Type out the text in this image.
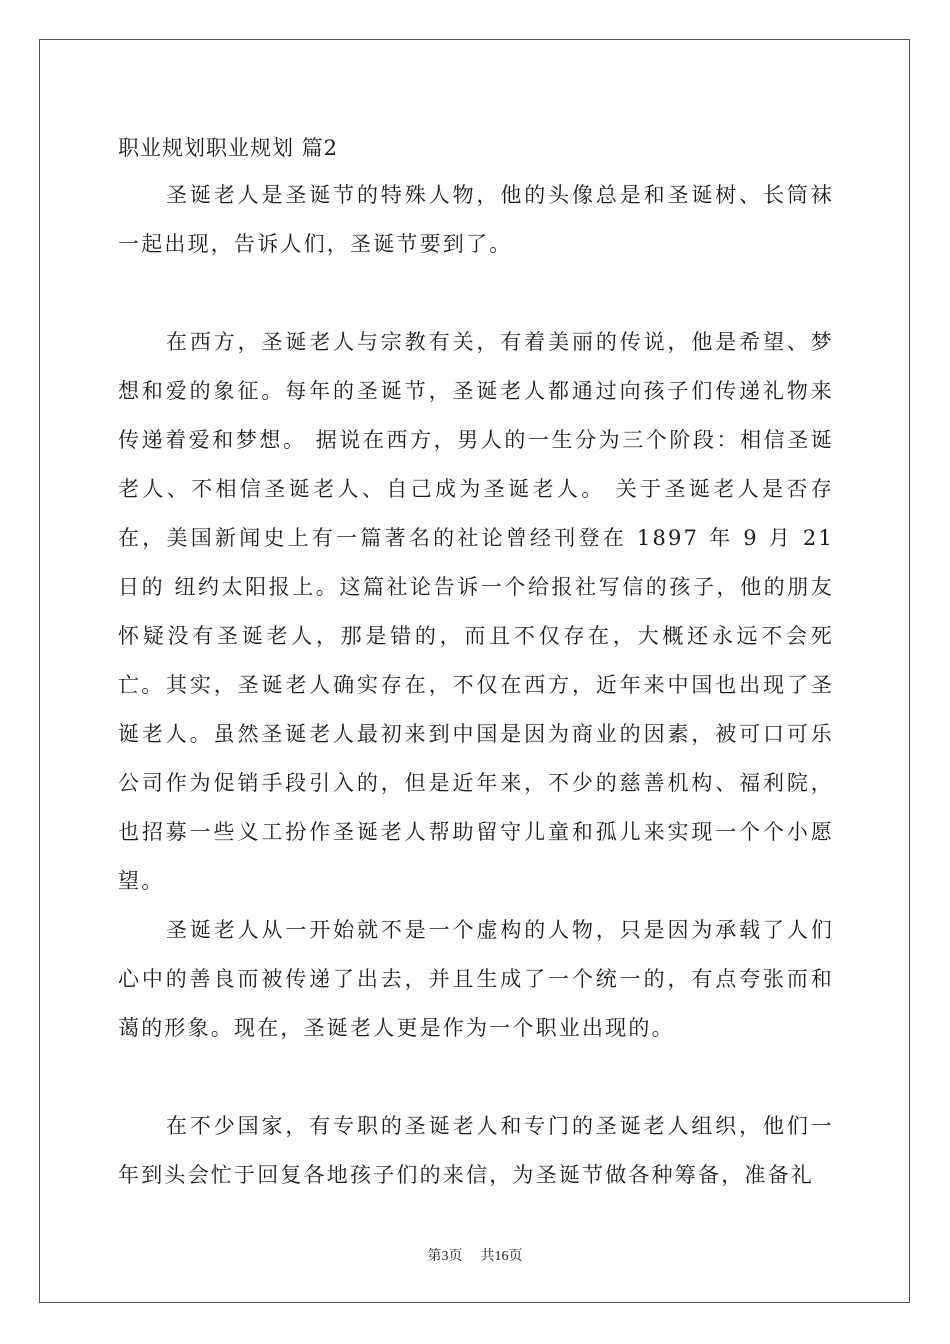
职业规划职业规划 篇2

圣诞老人是圣诞节的特殊人物，他的头像总是和圣诞树、长筒袜一起出现，告诉人们，圣诞节要到了。

在西方，圣诞老人与宗教有关，有着美丽的传说，他是希望、梦想和爱的象征。每年的圣诞节，圣诞老人都通过向孩子们传递礼物来传递着爱和梦想。 据说在西方，男人的一生分为三个阶段：相信圣诞老人、不相信圣诞老人、自己成为圣诞老人。 关于圣诞老人是否存在，美国新闻史上有一篇著名的社论曾经刊登在 1897 年 9 月 21 日的 纽约太阳报上。这篇社论告诉一个给报社写信的孩子，他的朋友怀疑没有圣诞老人，那是错的，而且不仅存在，大概还永远不会死亡。 其实，圣诞老人确实存在，不仅在西方，近年来中国也出现了圣诞老人。虽然圣诞老人最初来到中国是因为商业的因素，被可口可乐公司作为促销手段引入的，但是近年来，不少的慈善机构、福利院，也招募一些义工扮作圣诞老人帮助留守儿童和孤儿来实现一个个小愿望。

圣诞老人从一开始就不是一个虚构的人物，只是因为承载了人们心中的善良而被传递了出去，并且生成了一个统一的，有点夸张而和蔼的形象。现在，圣诞老人更是作为一个职业出现的。

在不少国家，有专职的圣诞老人和专门的圣诞老人组织，他们一年到头会忙于回复各地孩子们的来信，为圣诞节做各种筹备，准备礼

第3页 共16页
